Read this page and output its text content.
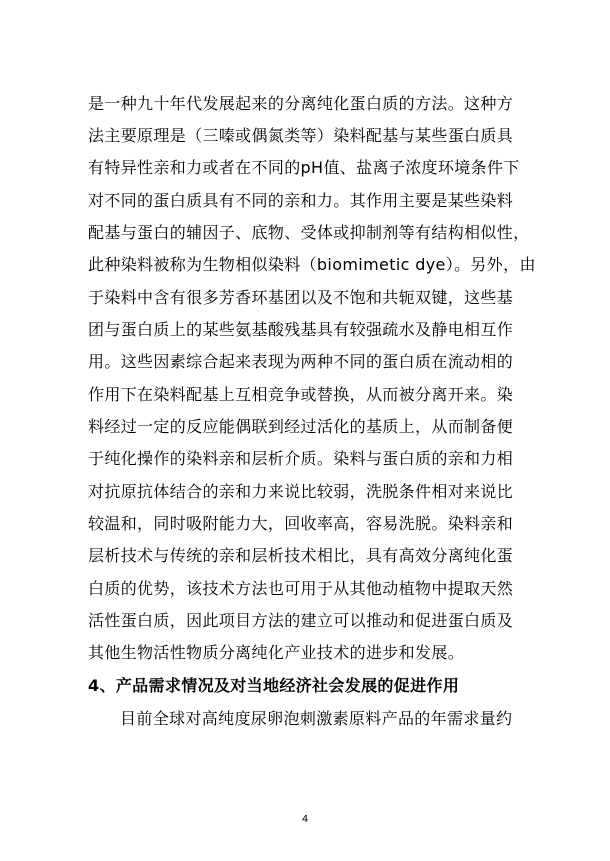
是一种九十年代发展起来的分离纯化蛋白质的方法。这种方
法主要原理是（三嗪或偶氮类等）染料配基与某些蛋白质具
有特异性亲和力或者在不同的pH值、盐离子浓度环境条件下
对不同的蛋白质具有不同的亲和力。其作用主要是某些染料
配基与蛋白的辅因子、底物、受体或抑制剂等有结构相似性，
此种染料被称为生物相似染料（biomimetic dye）。另外，由
于染料中含有很多芳香环基团以及不饱和共轭双键，这些基
团与蛋白质上的某些氨基酸残基具有较强疏水及静电相互作
用。这些因素综合起来表现为两种不同的蛋白质在流动相的
作用下在染料配基上互相竞争或替换，从而被分离开来。染
料经过一定的反应能偶联到经过活化的基质上，从而制备便
于纯化操作的染料亲和层析介质。染料与蛋白质的亲和力相
对抗原抗体结合的亲和力来说比较弱，洗脱条件相对来说比
较温和，同时吸附能力大，回收率高，容易洗脱。染料亲和
层析技术与传统的亲和层析技术相比，具有高效分离纯化蛋
白质的优势，该技术方法也可用于从其他动植物中提取天然
活性蛋白质，因此项目方法的建立可以推动和促进蛋白质及
其他生物活性物质分离纯化产业技术的进步和发展。
4、产品需求情况及对当地经济社会发展的促进作用
目前全球对高纯度尿卵泡刺激素原料产品的年需求量约
4
